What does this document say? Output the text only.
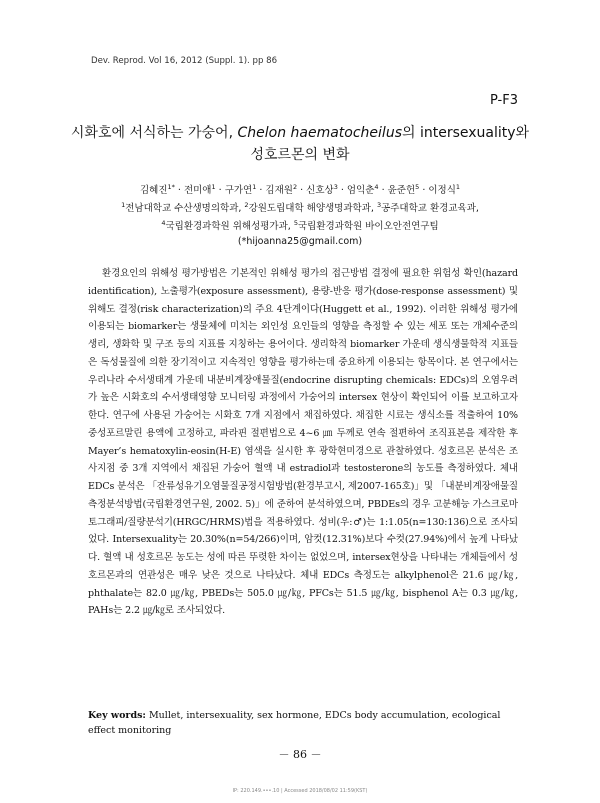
Dev. Reprod. Vol 16, 2012 (Suppl. 1). pp 86
P-F3
시화호에 서식하는 가숭어, Chelon haematocheilus의 intersexuality와
성호르몬의 변화
김혜진$^{1*}$ · 전미애$^1$ · 구가연$^1$ · 김재원$^2$ · 신호상$^3$ · 엄익춘$^4$ · 윤준헌$^5$ · 이정식$^1$
$^1$전남대학교 수산생명의학과, $^2$강원도립대학 해양생명과학과, $^3$공주대학교 환경교육과,
$^4$국립환경과학원 위해성평가과, $^5$국립환경과학원 바이오안전연구팀
(*hijoanna25@gmail.com)

환경요인의 위해성 평가방법은 기본적인 위해성 평가의 접근방법 결정에 필요한 위험성 확인(hazard identification), 노출평가(exposure assessment), 용량-반응 평가(dose-response assessment) 및 위해도 결정(risk characterization)의 주요 4단계이다(Huggett et al., 1992). 이러한 위해성 평가에 이용되는 biomarker는 생물체에 미치는 외인성 요인들의 영향을 측정할 수 있는 세포 또는 개체수준의 생리, 생화학 및 구조 등의 지표를 지칭하는 용어이다. 생리학적 biomarker 가운데 생식생물학적 지표들은 독성물질에 의한 장기적이고 지속적인 영향을 평가하는데 중요하게 이용되는 항목이다. 본 연구에서는 우리나라 수서생태계 가운데 내분비계장애물질(endocrine disrupting chemicals: EDCs)의 오염우려가 높은 시화호의 수서생태영향 모니터링 과정에서 가숭어의 intersex 현상이 확인되어 이를 보고하고자 한다. 연구에 사용된 가숭어는 시화호 7개 지점에서 채집하였다. 채집한 시료는 생식소를 적출하여 10% 중성포르말린 용액에 고정하고, 파라핀 절편법으로 4~6 ㎛ 두께로 연속 절편하여 조직표본을 제작한 후 Mayer’s hematoxylin-eosin(H-E) 염색을 실시한 후 광학현미경으로 관찰하였다. 성호르몬 분석은 조사지점 중 3개 지역에서 채집된 가숭어 혈액 내 estradiol과 testosterone의 농도를 측정하였다. 체내 EDCs 분석은 「잔류성유기오염물질공정시험방법(환경부고시, 제2007-165호)」및 「내분비계장애물질 측정분석방법(국립환경연구원, 2002. 5)」에 준하여 분석하였으며, PBDEs의 경우 고분해능 가스크로마토그래피/질량분석기(HRGC/HRMS)법을 적용하였다. 성비(우:♂)는 1:1.05(n=130:136)으로 조사되었다. Intersexuality는 20.30%(n=54/266)이며, 암컷(12.31%)보다 수컷(27.94%)에서 높게 나타났다. 혈액 내 성호르몬 농도는 성에 따른 뚜렷한 차이는 없었으며, intersex현상을 나타내는 개체들에서 성 호르몬과의 연관성은 매우 낮은 것으로 나타났다. 체내 EDCs 측정도는 alkylphenol은 21.6 ㎍/㎏, phthalate는 82.0 ㎍/㎏, PBEDs는 505.0 ㎍/㎏, PFCs는 51.5 ㎍/㎏, bisphenol A는 0.3 ㎍/㎏, PAHs는 2.2 ㎍/㎏로 조사되었다.

Key words: Mullet, intersexuality, sex hormone, EDCs body accumulation, ecological effect monitoring

－ 86 －
IP: 220.149.•••.10 | Accessed 2018/08/02 11:59(KST)
